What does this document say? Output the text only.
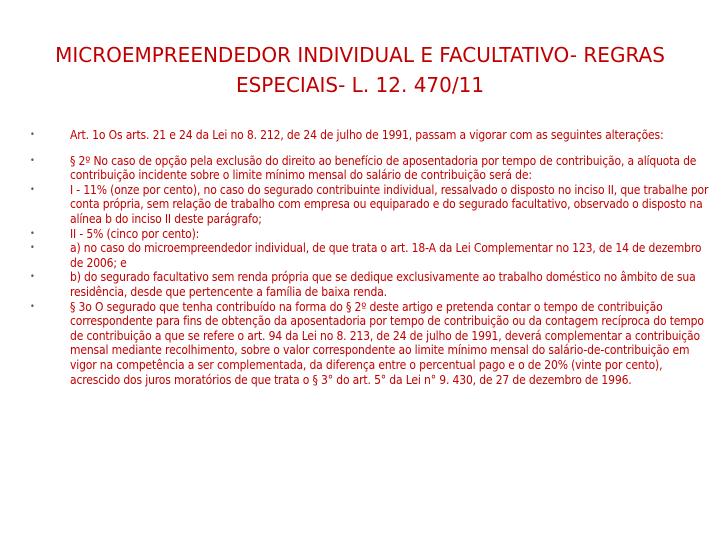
MICROEMPREENDEDOR INDIVIDUAL E FACULTATIVO- REGRAS
ESPECIAIS- L. 12. 470/11
•	Art. 1o Os arts. 21 e 24 da Lei no 8. 212, de 24 de julho de 1991, passam a vigorar com as seguintes alterações:
•	§ 2º No caso de opção pela exclusão do direito ao benefício de aposentadoria por tempo de contribuição, a alíquota de contribuição incidente sobre o limite mínimo mensal do salário de contribuição será de:
•	I - 11% (onze por cento), no caso do segurado contribuinte individual, ressalvado o disposto no inciso II, que trabalhe por conta própria, sem relação de trabalho com empresa ou equiparado e do segurado facultativo, observado o disposto na alínea b do inciso II deste parágrafo;
•	II - 5% (cinco por cento):
•	a) no caso do microempreendedor individual, de que trata o art. 18-A da Lei Complementar no 123, de 14 de dezembro de 2006; e
•	b) do segurado facultativo sem renda própria que se dedique exclusivamente ao trabalho doméstico no âmbito de sua residência, desde que pertencente a família de baixa renda.
•	§ 3o O segurado que tenha contribuído na forma do § 2º deste artigo e pretenda contar o tempo de contribuição correspondente para fins de obtenção da aposentadoria por tempo de contribuição ou da contagem recíproca do tempo de contribuição a que se refere o art. 94 da Lei no 8. 213, de 24 de julho de 1991, deverá complementar a contribuição mensal mediante recolhimento, sobre o valor correspondente ao limite mínimo mensal do salário-de-contribuição em vigor na competência a ser complementada, da diferença entre o percentual pago e o de 20% (vinte por cento), acrescido dos juros moratórios de que trata o § 3° do art. 5° da Lei n° 9. 430, de 27 de dezembro de 1996.
